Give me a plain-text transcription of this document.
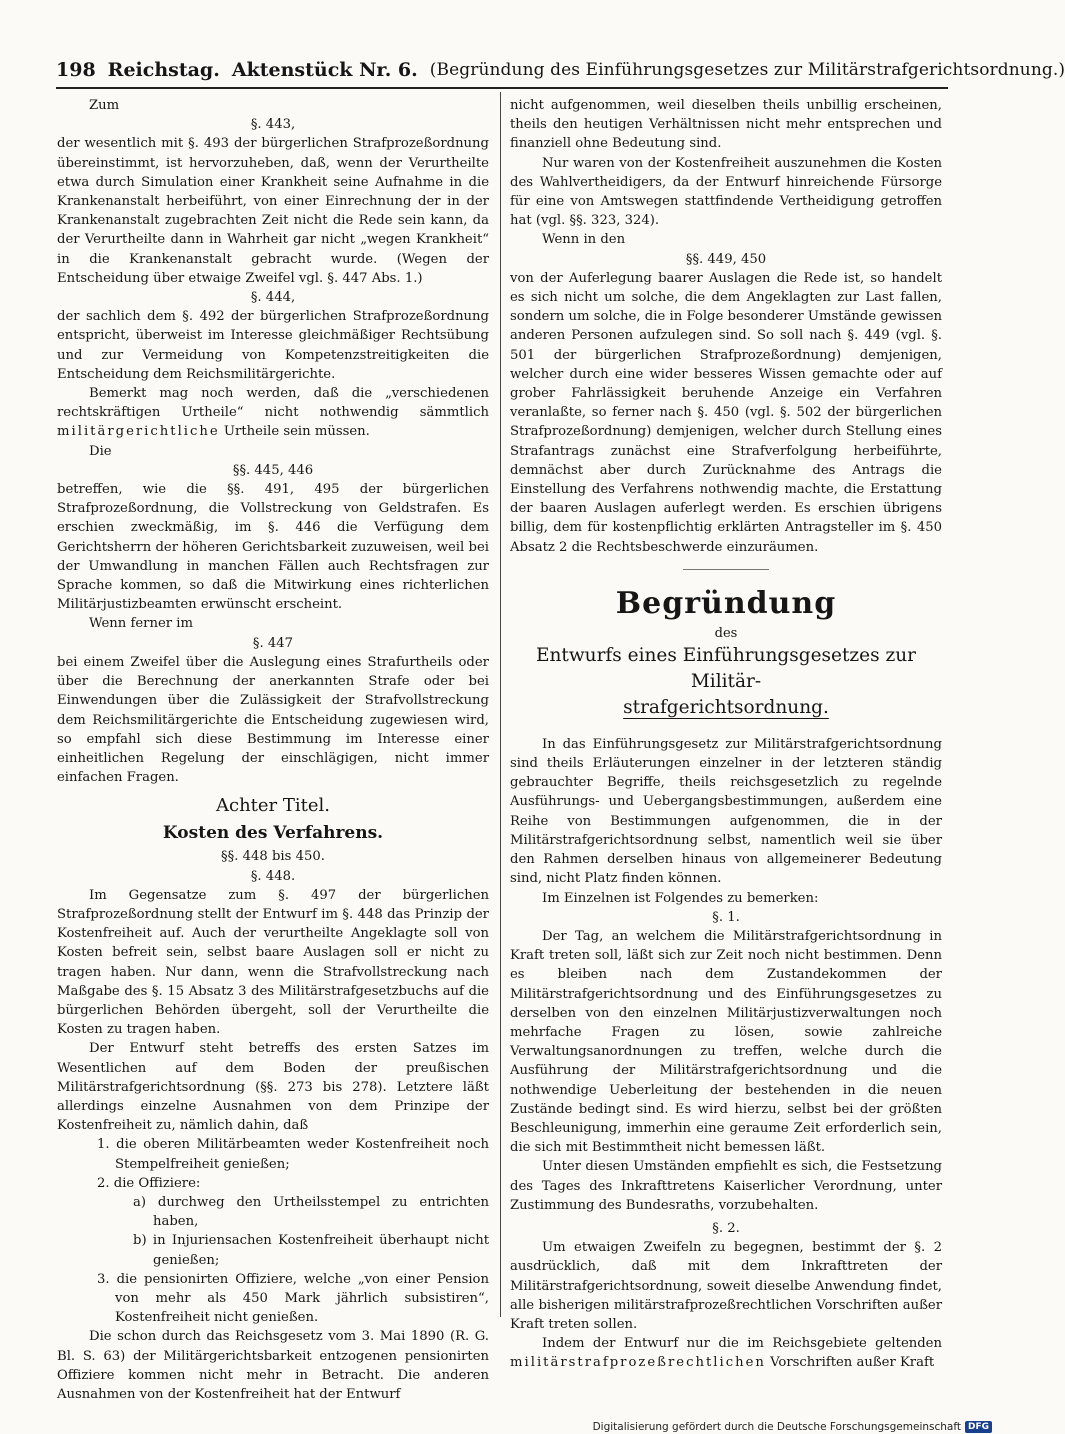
198 Reichstag. Aktenstück Nr. 6. (Begründung des Einführungsgesetzes zur Militärstrafgerichtsordnung.)

Zum

§. 443,

der wesentlich mit §. 493 der bürgerlichen Strafprozeßordnung übereinstimmt, ist hervorzuheben, daß, wenn der Verurtheilte etwa durch Simulation einer Krankheit seine Aufnahme in die Krankenanstalt herbeiführt, von einer Einrechnung der in der Krankenanstalt zugebrachten Zeit nicht die Rede sein kann, da der Verurtheilte dann in Wahrheit gar nicht „wegen Krankheit“ in die Krankenanstalt gebracht wurde. (Wegen der Entscheidung über etwaige Zweifel vgl. §. 447 Abs. 1.)

§. 444,

der sachlich dem §. 492 der bürgerlichen Strafprozeßordnung entspricht, überweist im Interesse gleichmäßiger Rechtsübung und zur Vermeidung von Kompetenzstreitigkeiten die Entscheidung dem Reichsmilitärgerichte.

Bemerkt mag noch werden, daß die „verschiedenen rechtskräftigen Urtheile“ nicht nothwendig sämmtlich militärgerichtliche Urtheile sein müssen.

Die

§§. 445, 446

betreffen, wie die §§. 491, 495 der bürgerlichen Strafprozeßordnung, die Vollstreckung von Geldstrafen. Es erschien zweckmäßig, im §. 446 die Verfügung dem Gerichtsherrn der höheren Gerichtsbarkeit zuzuweisen, weil bei der Umwandlung in manchen Fällen auch Rechtsfragen zur Sprache kommen, so daß die Mitwirkung eines richterlichen Militärjustizbeamten erwünscht erscheint.

Wenn ferner im

§. 447

bei einem Zweifel über die Auslegung eines Strafurtheils oder über die Berechnung der anerkannten Strafe oder bei Einwendungen über die Zulässigkeit der Strafvollstreckung dem Reichsmilitärgerichte die Entscheidung zugewiesen wird, so empfahl sich diese Bestimmung im Interesse einer einheitlichen Regelung der einschlägigen, nicht immer einfachen Fragen.

Achter Titel.
Kosten des Verfahrens.

§§. 448 bis 450.

§. 448.

Im Gegensatze zum §. 497 der bürgerlichen Strafprozeßordnung stellt der Entwurf im §. 448 das Prinzip der Kostenfreiheit auf. Auch der verurtheilte Angeklagte soll von Kosten befreit sein, selbst baare Auslagen soll er nicht zu tragen haben. Nur dann, wenn die Strafvollstreckung nach Maßgabe des §. 15 Absatz 3 des Militärstrafgesetzbuchs auf die bürgerlichen Behörden übergeht, soll der Verurtheilte die Kosten zu tragen haben.

Der Entwurf steht betreffs des ersten Satzes im Wesentlichen auf dem Boden der preußischen Militärstrafgerichtsordnung (§§. 273 bis 278). Letztere läßt allerdings einzelne Ausnahmen von dem Prinzipe der Kostenfreiheit zu, nämlich dahin, daß

1. die oberen Militärbeamten weder Kostenfreiheit noch Stempelfreiheit genießen;
2. die Offiziere:
a) durchweg den Urtheilsstempel zu entrichten haben,
b) in Injuriensachen Kostenfreiheit überhaupt nicht genießen;
3. die pensionirten Offiziere, welche „von einer Pension von mehr als 450 Mark jährlich subsistiren“, Kostenfreiheit nicht genießen.

Die schon durch das Reichsgesetz vom 3. Mai 1890 (R. G. Bl. S. 63) der Militärgerichtsbarkeit entzogenen pensionirten Offiziere kommen nicht mehr in Betracht. Die anderen Ausnahmen von der Kostenfreiheit hat der Entwurf

nicht aufgenommen, weil dieselben theils unbillig erscheinen, theils den heutigen Verhältnissen nicht mehr entsprechen und finanziell ohne Bedeutung sind.

Nur waren von der Kostenfreiheit auszunehmen die Kosten des Wahlvertheidigers, da der Entwurf hinreichende Fürsorge für eine von Amtswegen stattfindende Vertheidigung getroffen hat (vgl. §§. 323, 324).

Wenn in den

§§. 449, 450

von der Auferlegung baarer Auslagen die Rede ist, so handelt es sich nicht um solche, die dem Angeklagten zur Last fallen, sondern um solche, die in Folge besonderer Umstände gewissen anderen Personen aufzulegen sind. So soll nach §. 449 (vgl. §. 501 der bürgerlichen Strafprozeßordnung) demjenigen, welcher durch eine wider besseres Wissen gemachte oder auf grober Fahrlässigkeit beruhende Anzeige ein Verfahren veranlaßte, so ferner nach §. 450 (vgl. §. 502 der bürgerlichen Strafprozeßordnung) demjenigen, welcher durch Stellung eines Strafantrags zunächst eine Strafverfolgung herbeiführte, demnächst aber durch Zurücknahme des Antrags die Einstellung des Verfahrens nothwendig machte, die Erstattung der baaren Auslagen auferlegt werden. Es erschien übrigens billig, dem für kostenpflichtig erklärten Antragsteller im §. 450 Absatz 2 die Rechtsbeschwerde einzuräumen.

Begründung
des
Entwurfs eines Einführungsgesetzes zur Militär-
strafgerichtsordnung.

In das Einführungsgesetz zur Militärstrafgerichtsordnung sind theils Erläuterungen einzelner in der letzteren ständig gebrauchter Begriffe, theils reichsgesetzlich zu regelnde Ausführungs- und Uebergangsbestimmungen, außerdem eine Reihe von Bestimmungen aufgenommen, die in der Militärstrafgerichtsordnung selbst, namentlich weil sie über den Rahmen derselben hinaus von allgemeinerer Bedeutung sind, nicht Platz finden können.

Im Einzelnen ist Folgendes zu bemerken:

§. 1.

Der Tag, an welchem die Militärstrafgerichtsordnung in Kraft treten soll, läßt sich zur Zeit noch nicht bestimmen. Denn es bleiben nach dem Zustandekommen der Militärstrafgerichtsordnung und des Einführungsgesetzes zu derselben von den einzelnen Militärjustizverwaltungen noch mehrfache Fragen zu lösen, sowie zahlreiche Verwaltungsanordnungen zu treffen, welche durch die Ausführung der Militärstrafgerichtsordnung und die nothwendige Ueberleitung der bestehenden in die neuen Zustände bedingt sind. Es wird hierzu, selbst bei der größten Beschleunigung, immerhin eine geraume Zeit erforderlich sein, die sich mit Bestimmtheit nicht bemessen läßt.

Unter diesen Umständen empfiehlt es sich, die Festsetzung des Tages des Inkrafttretens Kaiserlicher Verordnung, unter Zustimmung des Bundesraths, vorzubehalten.

§. 2.

Um etwaigen Zweifeln zu begegnen, bestimmt der §. 2 ausdrücklich, daß mit dem Inkrafttreten der Militärstrafgerichtsordnung, soweit dieselbe Anwendung findet, alle bisherigen militärstrafprozeßrechtlichen Vorschriften außer Kraft treten sollen.

Indem der Entwurf nur die im Reichsgebiete geltenden militärstrafprozeßrechtlichen Vorschriften außer Kraft

Digitalisierung gefördert durch die Deutsche Forschungsgemeinschaft DFG
